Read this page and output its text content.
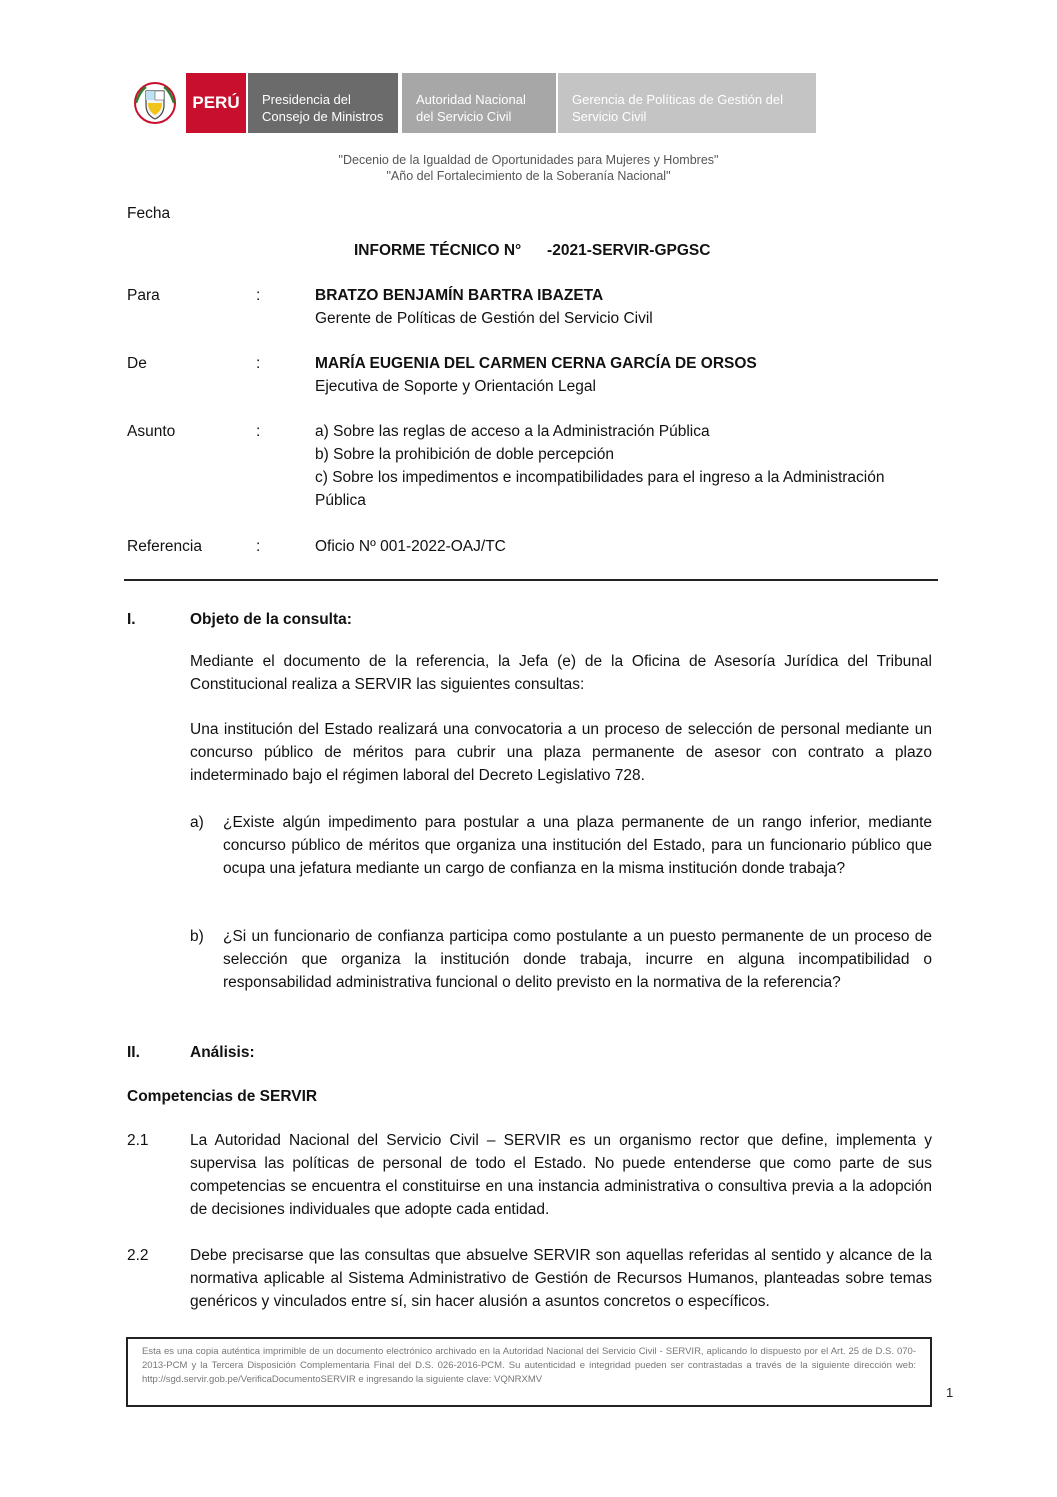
PERÚ Presidencia del
Consejo de Ministros
Autoridad Nacional
del Servicio Civil
Gerencia de Políticas de Gestión del
Servicio Civil
"Decenio de la Igualdad de Oportunidades para Mujeres y Hombres"
"Año del Fortalecimiento de la Soberanía Nacional"
Fecha
INFORME TÉCNICO N°      -2021-SERVIR-GPGSC
Para	:	BRATZO BENJAMÍN BARTRA IBAZETA
Gerente de Políticas de Gestión del Servicio Civil
De	:	MARÍA EUGENIA DEL CARMEN CERNA GARCÍA DE ORSOS
Ejecutiva de Soporte y Orientación Legal
Asunto	:	a) Sobre las reglas de acceso a la Administración Pública
b) Sobre la prohibición de doble percepción
c) Sobre los impedimentos e incompatibilidades para el ingreso a la Administración
Pública
Referencia	:	Oficio Nº 001-2022-OAJ/TC
I.	Objeto de la consulta:
Mediante el documento de la referencia, la Jefa (e) de la Oficina de Asesoría Jurídica del Tribunal Constitucional realiza a SERVIR las siguientes consultas:
Una institución del Estado realizará una convocatoria a un proceso de selección de personal mediante un concurso público de méritos para cubrir una plaza permanente de asesor con contrato a plazo indeterminado bajo el régimen laboral del Decreto Legislativo 728.
a) ¿Existe algún impedimento para postular a una plaza permanente de un rango inferior, mediante concurso público de méritos que organiza una institución del Estado, para un funcionario público que ocupa una jefatura mediante un cargo de confianza en la misma institución donde trabaja?
b) ¿Si un funcionario de confianza participa como postulante a un puesto permanente de un proceso de selección que organiza la institución donde trabaja, incurre en alguna incompatibilidad o responsabilidad administrativa funcional o delito previsto en la normativa de la referencia?
II.	Análisis:
Competencias de SERVIR
2.1	La Autoridad Nacional del Servicio Civil – SERVIR es un organismo rector que define, implementa y supervisa las políticas de personal de todo el Estado. No puede entenderse que como parte de sus competencias se encuentra el constituirse en una instancia administrativa o consultiva previa a la adopción de decisiones individuales que adopte cada entidad.
2.2	Debe precisarse que las consultas que absuelve SERVIR son aquellas referidas al sentido y alcance de la normativa aplicable al Sistema Administrativo de Gestión de Recursos Humanos, planteadas sobre temas genéricos y vinculados entre sí, sin hacer alusión a asuntos concretos o específicos.
Esta es una copia auténtica imprimible de un documento electrónico archivado en la Autoridad Nacional del Servicio Civil - SERVIR, aplicando lo dispuesto por el Art. 25 de D.S. 070-2013-PCM y la Tercera Disposición Complementaria Final del D.S. 026-2016-PCM. Su autenticidad e integridad pueden ser contrastadas a través de la siguiente dirección web: http://sgd.servir.gob.pe/VerificaDocumentoSERVIR e ingresando la siguiente clave: VQNRXMV
1
